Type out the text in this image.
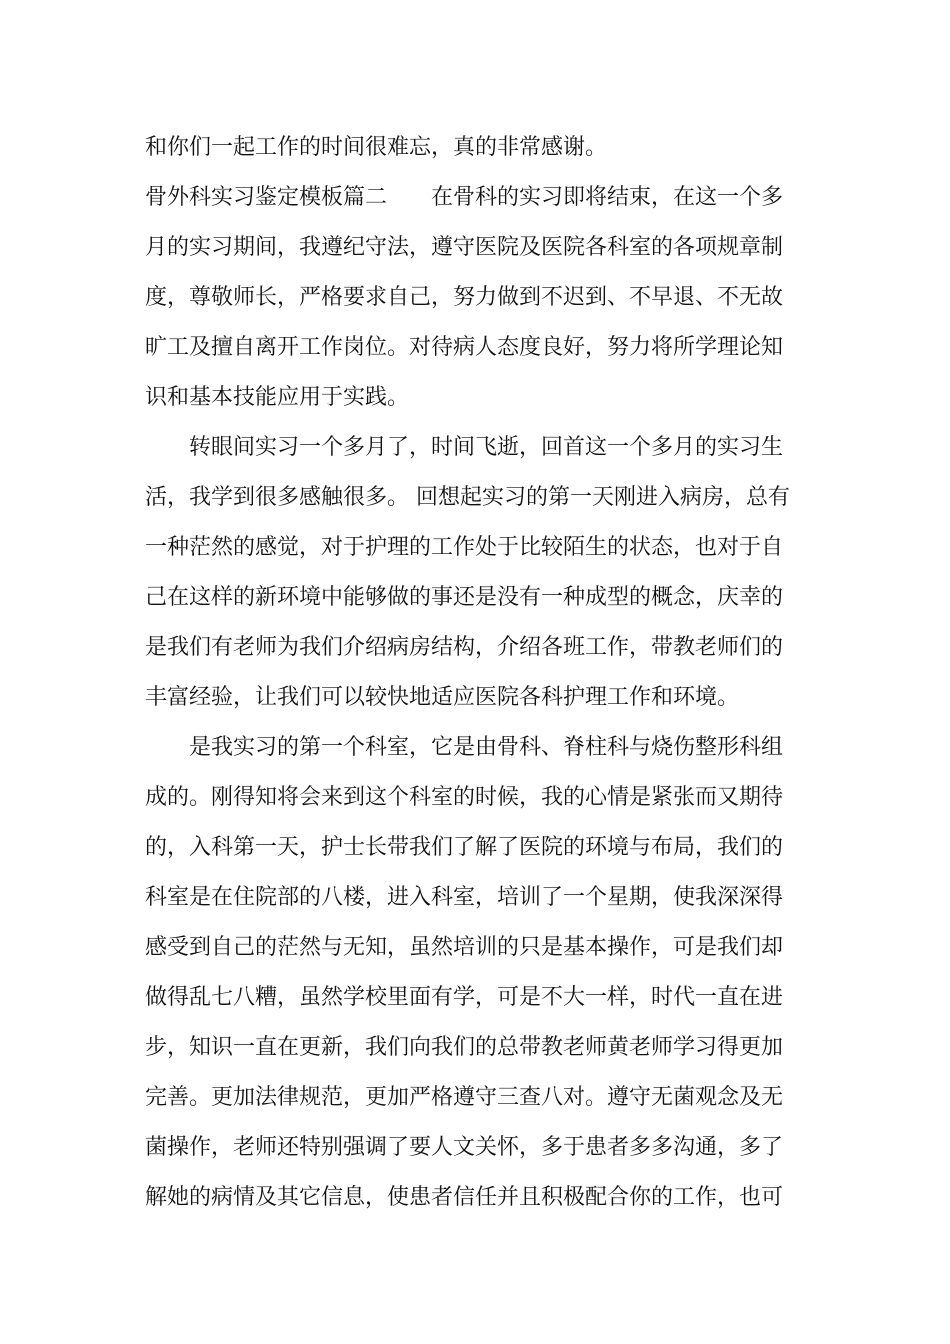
和你们一起工作的时间很难忘，真的非常感谢。
骨外科实习鉴定模板篇二 在骨科的实习即将结束，在这一个多
月的实习期间，我遵纪守法，遵守医院及医院各科室的各项规章制
度，尊敬师长，严格要求自己，努力做到不迟到、不早退、不无故
旷工及擅自离开工作岗位。对待病人态度良好，努力将所学理论知
识和基本技能应用于实践。
转眼间实习一个多月了，时间飞逝，回首这一个多月的实习生
活，我学到很多感触很多。 回想起实习的第一天刚进入病房，总有
一种茫然的感觉，对于护理的工作处于比较陌生的状态，也对于自
己在这样的新环境中能够做的事还是没有一种成型的概念，庆幸的
是我们有老师为我们介绍病房结构，介绍各班工作，带教老师们的
丰富经验，让我们可以较快地适应医院各科护理工作和环境。
是我实习的第一个科室，它是由骨科、脊柱科与烧伤整形科组
成的。刚得知将会来到这个科室的时候，我的心情是紧张而又期待
的，入科第一天，护士长带我们了解了医院的环境与布局，我们的
科室是在住院部的八楼，进入科室，培训了一个星期，使我深深得
感受到自己的茫然与无知，虽然培训的只是基本操作，可是我们却
做得乱七八糟，虽然学校里面有学，可是不大一样，时代一直在进
步，知识一直在更新，我们向我们的总带教老师黄老师学习得更加
完善。更加法律规范，更加严格遵守三查八对。遵守无菌观念及无
菌操作，老师还特别强调了要人文关怀，多于患者多多沟通，多了
解她的病情及其它信息，使患者信任并且积极配合你的工作，也可
